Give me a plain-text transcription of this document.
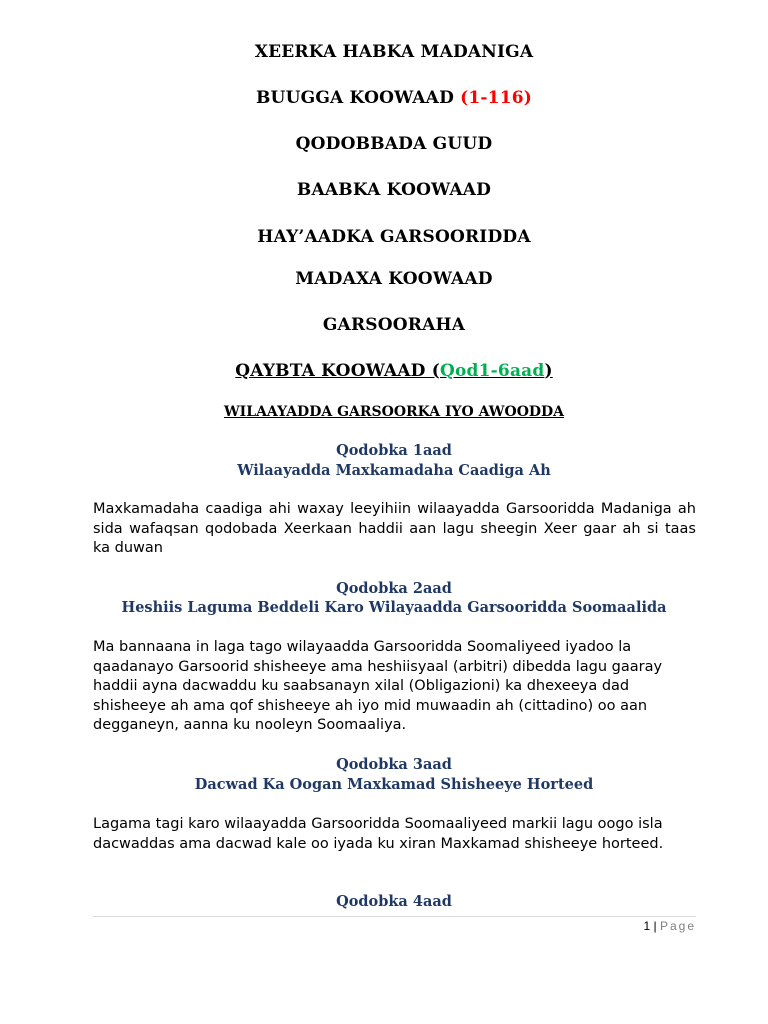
XEERKA HABKA MADANIGA
BUUGGA KOOWAAD (1-116)
QODOBBADA GUUD
BAABKA KOOWAAD
HAY’AADKA GARSOORIDDA
MADAXA KOOWAAD
GARSOORAHA
QAYBTA KOOWAAD (Qod1-6aad)
WILAAYADDA GARSOORKA IYO AWOODDA
Qodobka 1aad
Wilaayadda Maxkamadaha Caadiga Ah
Maxkamadaha caadiga ahi waxay leeyihiin wilaayadda Garsooridda Madaniga ah sida wafaqsan qodobada Xeerkaan haddii aan lagu sheegin Xeer gaar ah si taas ka duwan
Qodobka 2aad
Heshiis Laguma Beddeli Karo Wilayaadda Garsooridda Soomaalida
Ma bannaana in laga tago wilayaadda Garsooridda Soomaliyeed iyadoo la qaadanayo Garsoorid shisheeye ama heshiisyaal (arbitri) dibedda lagu gaaray haddii ayna dacwaddu ku saabsanayn xilal (Obligazioni) ka dhexeeya dad shisheeye ah ama qof shisheeye ah iyo mid muwaadin ah (cittadino) oo aan degganeyn, aanna ku nooleyn Soomaaliya.
Qodobka 3aad
Dacwad Ka Oogan Maxkamad Shisheeye Horteed
Lagama tagi karo wilaayadda Garsooridda Soomaaliyeed markii lagu oogo isla dacwaddas ama dacwad kale oo iyada ku xiran Maxkamad shisheeye horteed.
Qodobka 4aad
1 | Page
